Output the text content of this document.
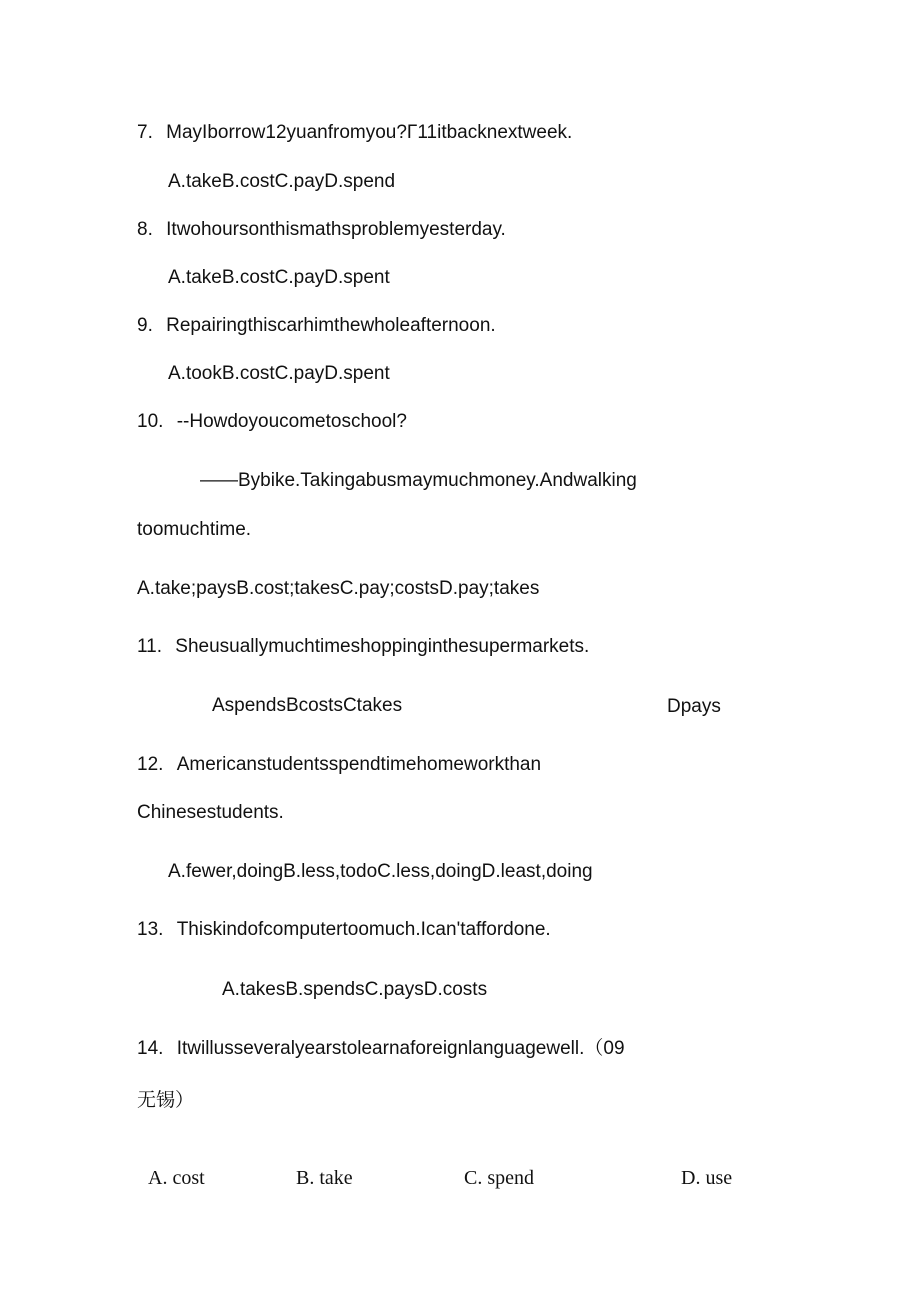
7. MayIborrow12yuanfromyou?Γ11itbacknextweek.
A.takeB.costC.payD.spend
8. Itwohoursonthismathsproblemyesterday.
A.takeB.costC.payD.spent
9. Repairingthiscarhimthewholeafternoon.
A.tookB.costC.payD.spent
10. --Howdoyoucometoschool?
——Bybike.Takingabusmaymuchmoney.Andwalking
toomuchtime.
A.take;paysB.cost;takesC.pay;costsD.pay;takes
11. Sheusuallymuchtimeshoppinginthesupermarkets.
AspendsBcostsCtakes	Dpays
12. Americanstudentsspendtimehomeworkthan
Chinesestudents.
A.fewer,doingB.less,todoC.less,doingD.least,doing
13. Thiskindofcomputertoomuch.Ican'taffordone.
A.takesB.spendsC.paysD.costs
14. Itwillusseveralyearstolearnaforeignlanguagewell.（09
无锡）
A. cost	B. take	C. spend	D. use
